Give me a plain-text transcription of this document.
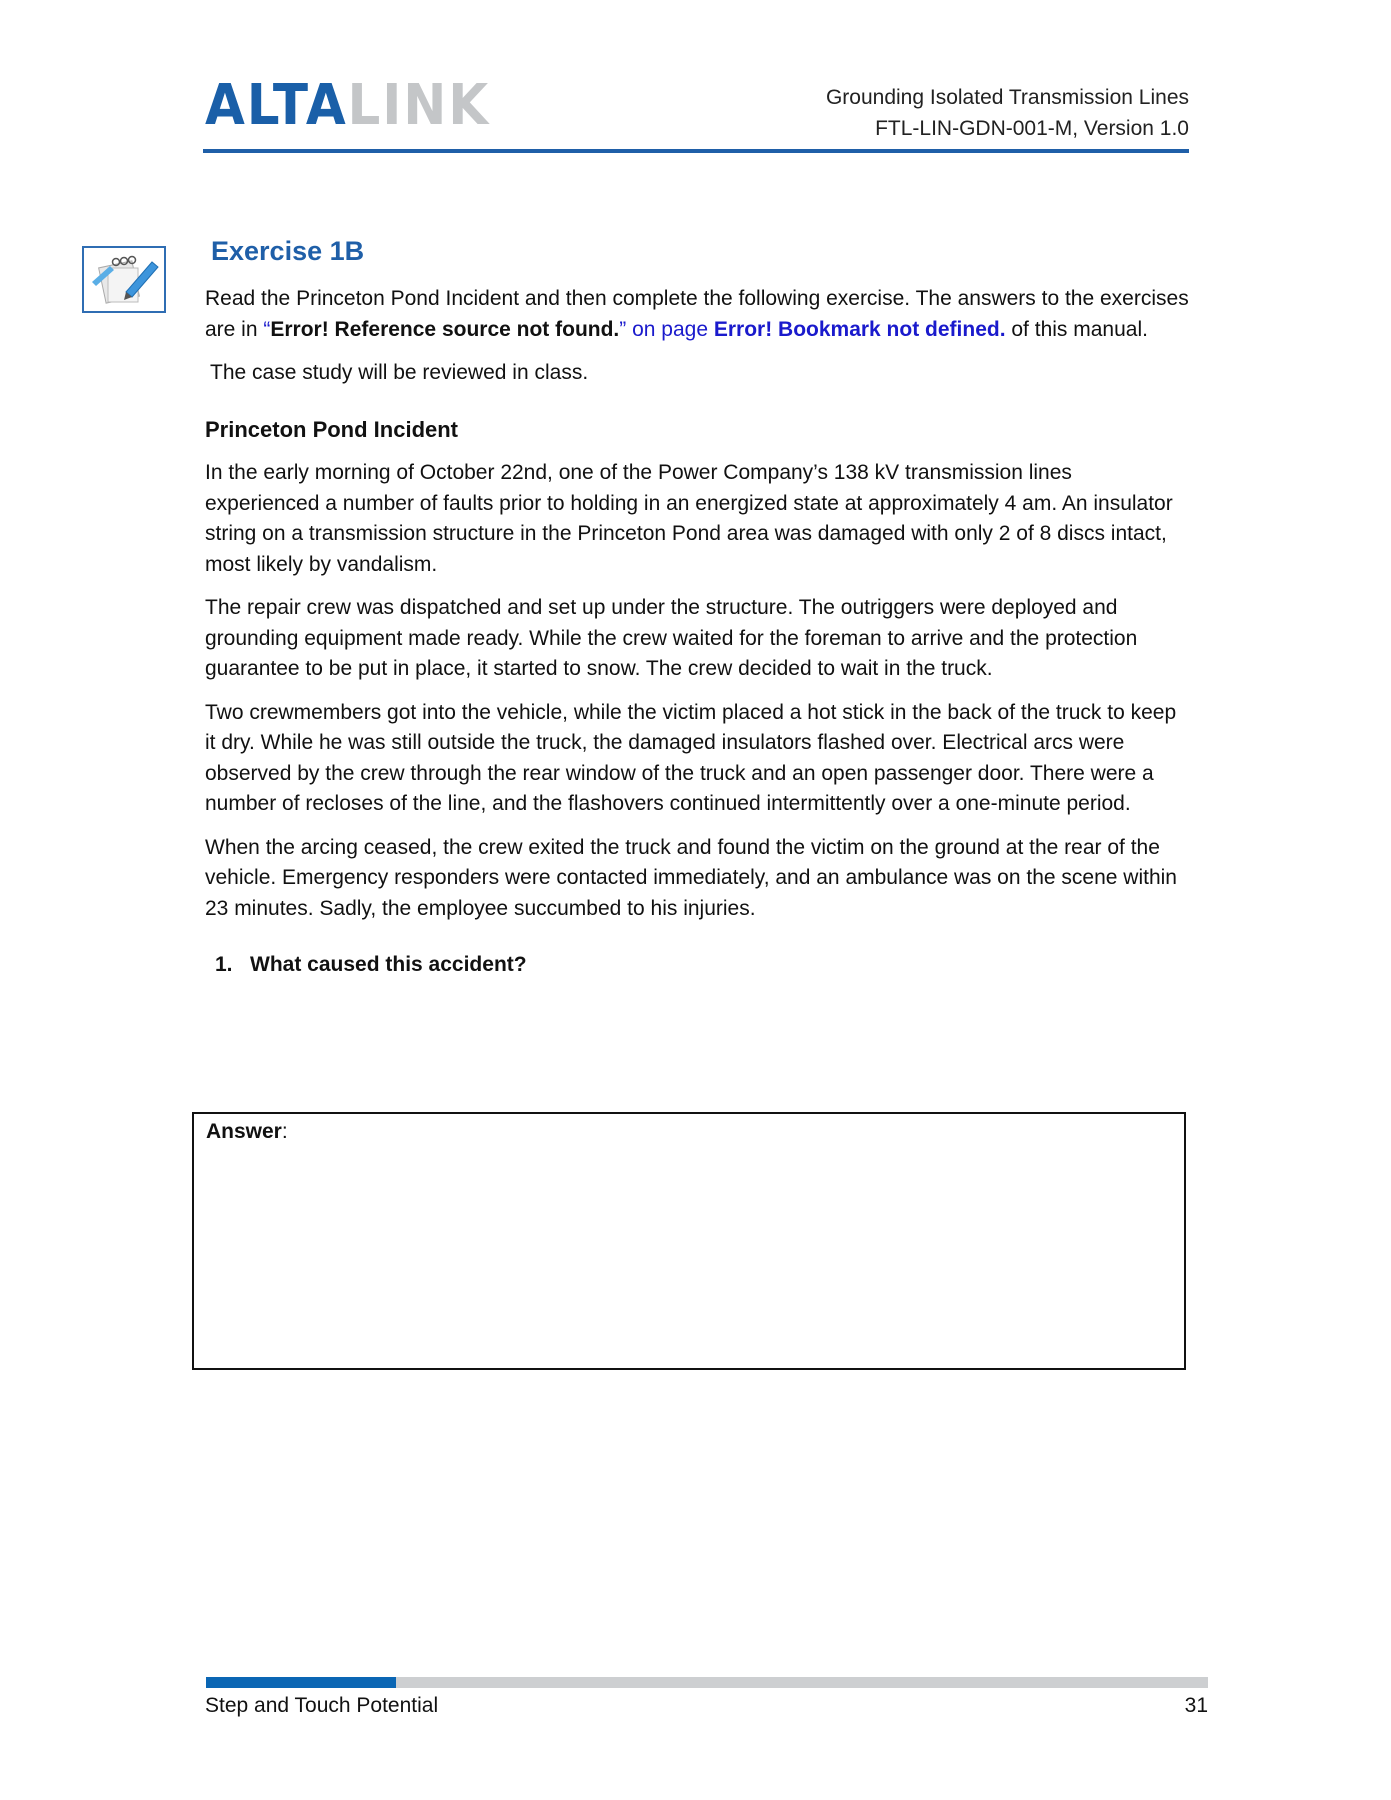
ALTALINK	Grounding Isolated Transmission Lines
FTL-LIN-GDN-001-M, Version 1.0
Exercise 1B

Read the Princeton Pond Incident and then complete the following exercise. The answers to the exercises are in “Error! Reference source not found.” on page Error! Bookmark not defined. of this manual.

The case study will be reviewed in class.

Princeton Pond Incident

In the early morning of October 22nd, one of the Power Company’s 138 kV transmission lines experienced a number of faults prior to holding in an energized state at approximately 4 am. An insulator string on a transmission structure in the Princeton Pond area was damaged with only 2 of 8 discs intact, most likely by vandalism.

The repair crew was dispatched and set up under the structure. The outriggers were deployed and grounding equipment made ready. While the crew waited for the foreman to arrive and the protection guarantee to be put in place, it started to snow. The crew decided to wait in the truck.

Two crewmembers got into the vehicle, while the victim placed a hot stick in the back of the truck to keep it dry. While he was still outside the truck, the damaged insulators flashed over. Electrical arcs were observed by the crew through the rear window of the truck and an open passenger door. There were a number of recloses of the line, and the flashovers continued intermittently over a one-minute period.

When the arcing ceased, the crew exited the truck and found the victim on the ground at the rear of the vehicle. Emergency responders were contacted immediately, and an ambulance was on the scene within 23 minutes. Sadly, the employee succumbed to his injuries.

1. What caused this accident?

Answer:
Step and Touch Potential	31
